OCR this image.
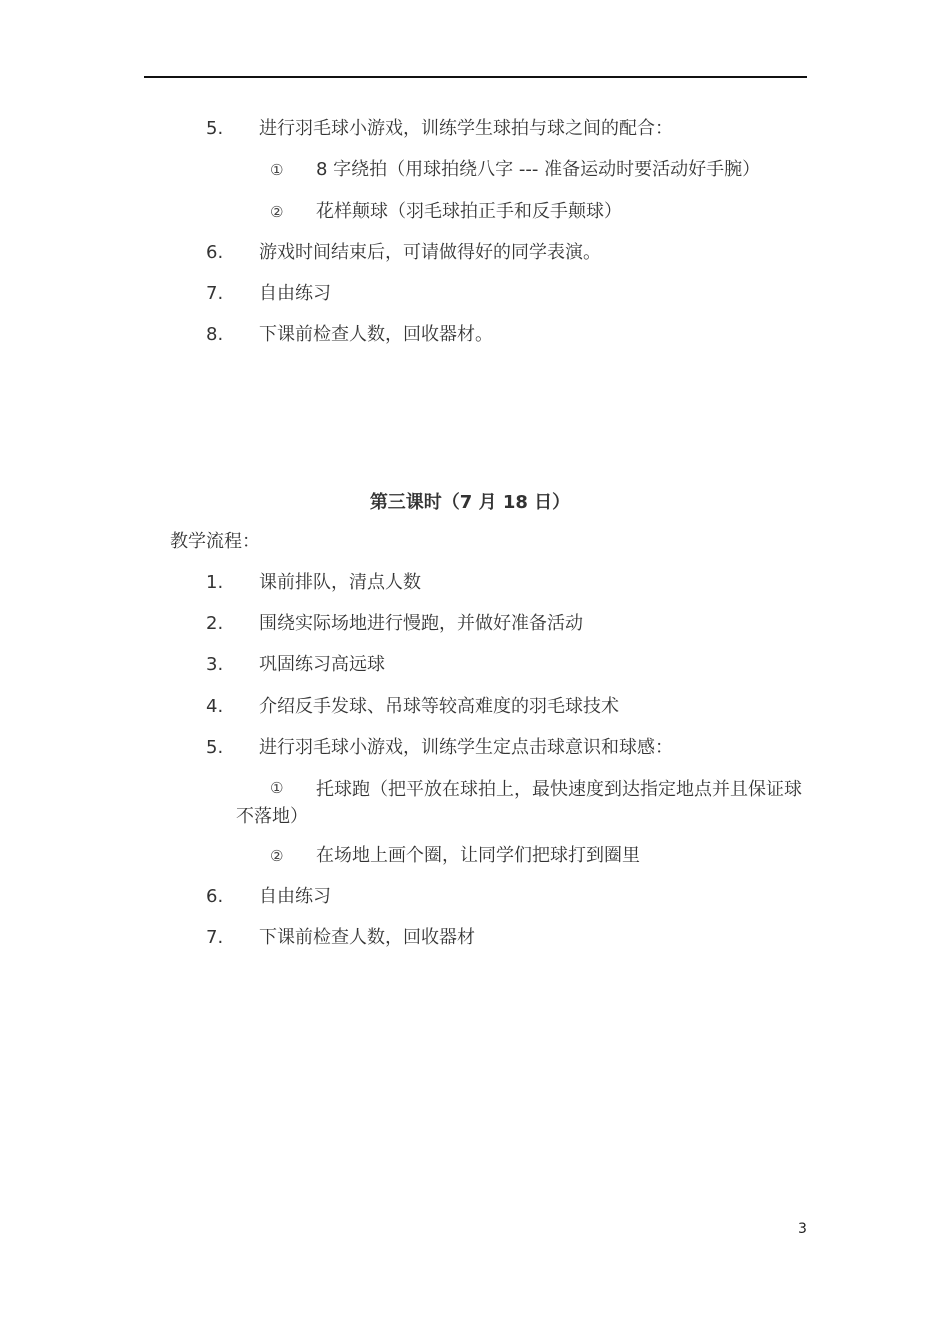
5. 进行羽毛球小游戏，训练学生球拍与球之间的配合：
① 8 字绕拍（用球拍绕八字 --- 准备运动时要活动好手腕）
② 花样颠球（羽毛球拍正手和反手颠球）
6. 游戏时间结束后，可请做得好的同学表演。
7. 自由练习
8. 下课前检查人数，回收器材。
第三课时（7 月 18 日）
教学流程：
1. 课前排队，清点人数
2. 围绕实际场地进行慢跑，并做好准备活动
3. 巩固练习高远球
4. 介绍反手发球、吊球等较高难度的羽毛球技术
5. 进行羽毛球小游戏，训练学生定点击球意识和球感：
①	托球跑（把平放在球拍上，最快速度到达指定地点并且保证球不落地）
② 在场地上画个圈，让同学们把球打到圈里
6. 自由练习
7. 下课前检查人数，回收器材
3
